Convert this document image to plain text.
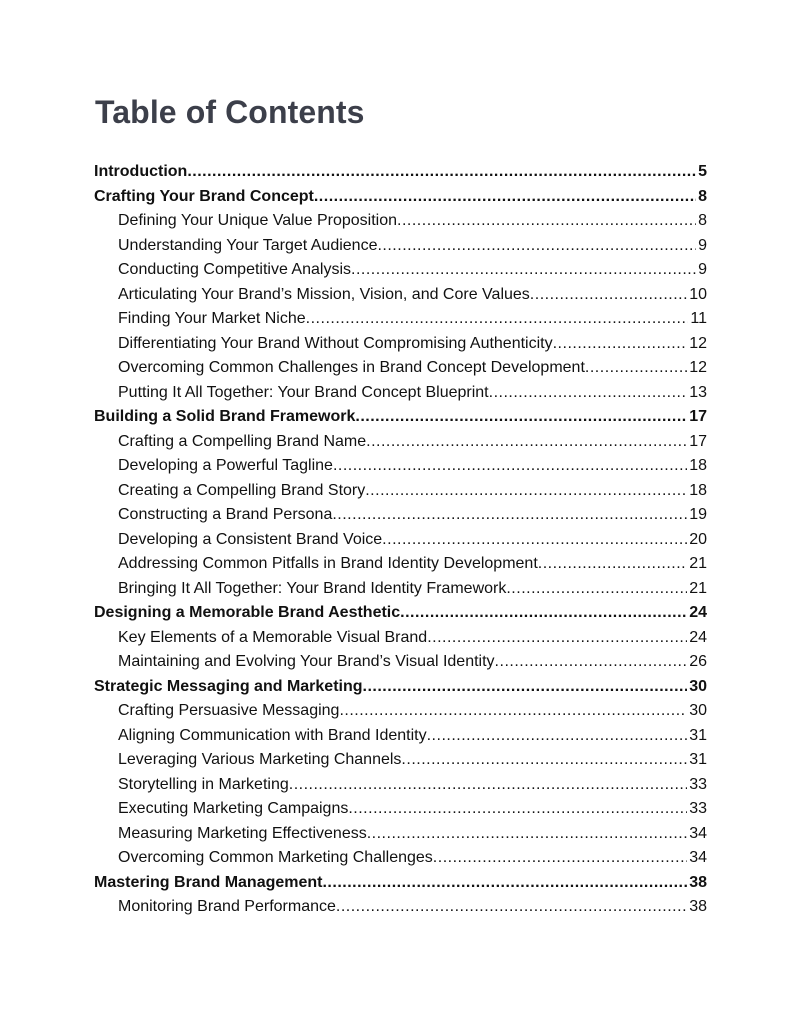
Table of Contents
Introduction .....	5
Crafting Your Brand Concept .....	8
Defining Your Unique Value Proposition .....	8
Understanding Your Target Audience .....	9
Conducting Competitive Analysis .....	9
Articulating Your Brand’s Mission, Vision, and Core Values .....	10
Finding Your Market Niche .....	11
Differentiating Your Brand Without Compromising Authenticity .....	12
Overcoming Common Challenges in Brand Concept Development .....	12
Putting It All Together: Your Brand Concept Blueprint .....	13
Building a Solid Brand Framework .....	17
Crafting a Compelling Brand Name .....	17
Developing a Powerful Tagline .....	18
Creating a Compelling Brand Story .....	18
Constructing a Brand Persona .....	19
Developing a Consistent Brand Voice .....	20
Addressing Common Pitfalls in Brand Identity Development .....	21
Bringing It All Together: Your Brand Identity Framework .....	21
Designing a Memorable Brand Aesthetic .....	24
Key Elements of a Memorable Visual Brand .....	24
Maintaining and Evolving Your Brand’s Visual Identity .....	26
Strategic Messaging and Marketing .....	30
Crafting Persuasive Messaging .....	30
Aligning Communication with Brand Identity .....	31
Leveraging Various Marketing Channels .....	31
Storytelling in Marketing .....	33
Executing Marketing Campaigns .....	33
Measuring Marketing Effectiveness .....	34
Overcoming Common Marketing Challenges .....	34
Mastering Brand Management .....	38
Monitoring Brand Performance .....	38
